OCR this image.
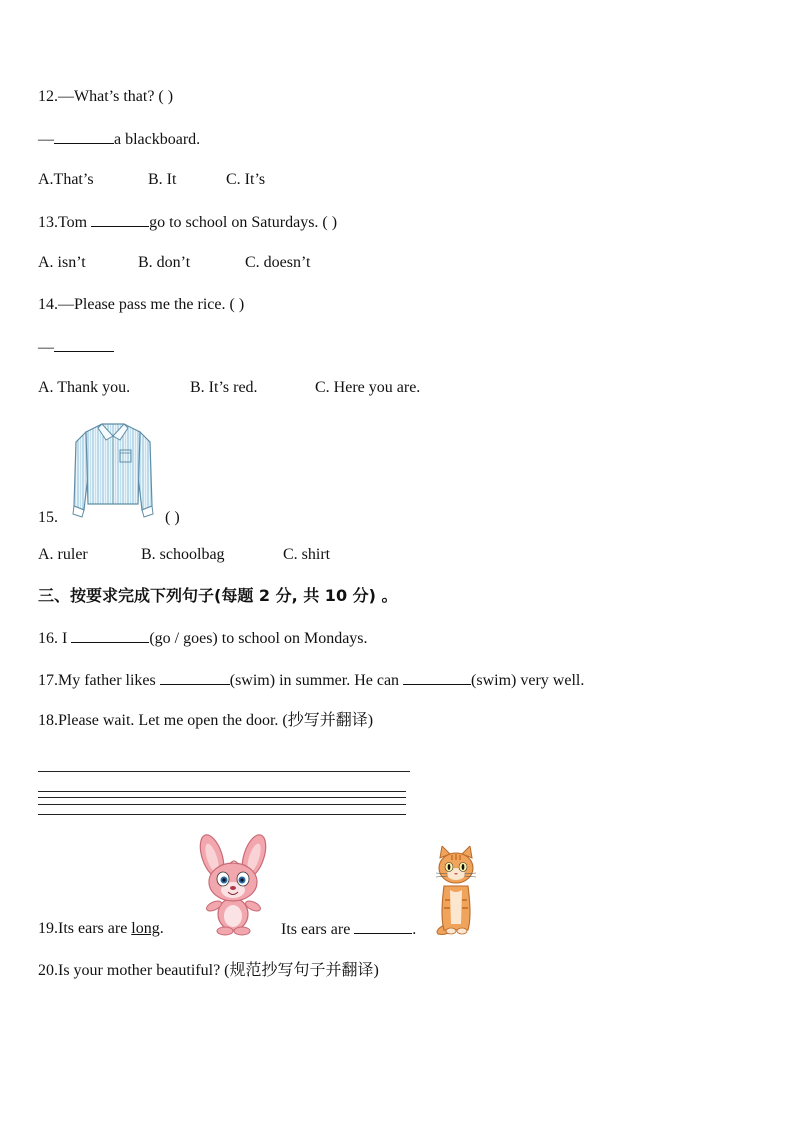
12.—What’s that? ( )
—	a blackboard.
A.That’s	B. It	C. It’s
13.Tom	go to school on Saturdays. ( )
A. isn’t	B. don’t	C. doesn’t
14.—Please pass me the rice. ( )
—
A. Thank you.	B. It’s red.	C. Here you are.
15.	( )
A. ruler	B. schoolbag	C. shirt
三、按要求完成下列句子(每题 2 分, 共 10 分) 。
16. I	(go / goes) to school on Mondays.
17.My father likes	(swim) in summer. He can	(swim) very well.
18.Please wait. Let me open the door. (抄写并翻译)
19.Its ears are long.	Its ears are	.
20.Is your mother beautiful? (规范抄写句子并翻译)
